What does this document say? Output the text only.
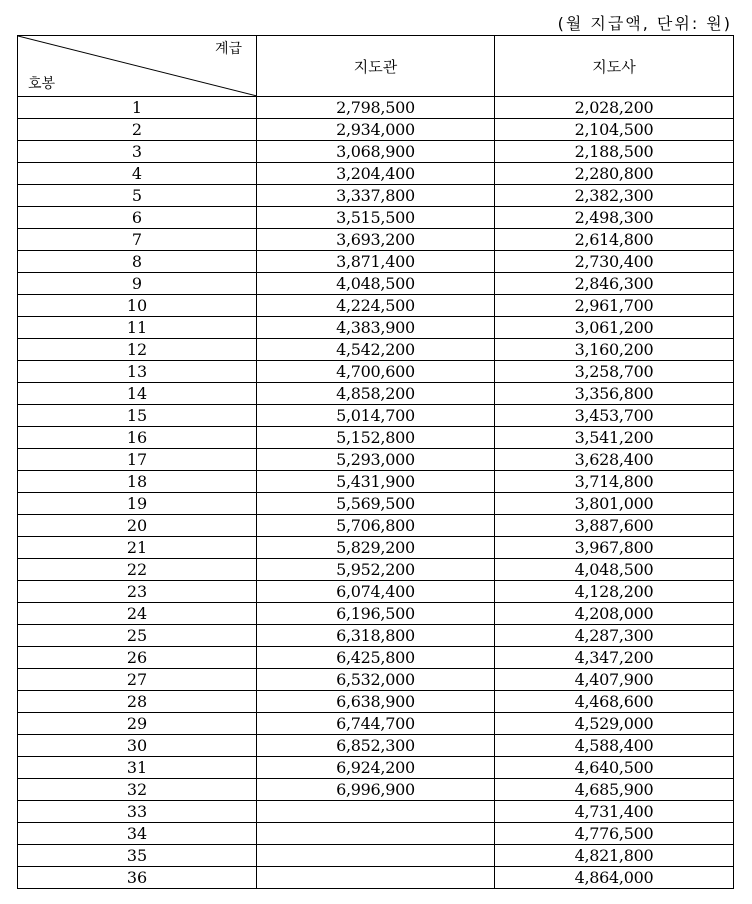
(월 지급액, 단위: 원)
계급
호봉	지도관	지도사
1	2,798,500	2,028,200
2	2,934,000	2,104,500
3	3,068,900	2,188,500
4	3,204,400	2,280,800
5	3,337,800	2,382,300
6	3,515,500	2,498,300
7	3,693,200	2,614,800
8	3,871,400	2,730,400
9	4,048,500	2,846,300
10	4,224,500	2,961,700
11	4,383,900	3,061,200
12	4,542,200	3,160,200
13	4,700,600	3,258,700
14	4,858,200	3,356,800
15	5,014,700	3,453,700
16	5,152,800	3,541,200
17	5,293,000	3,628,400
18	5,431,900	3,714,800
19	5,569,500	3,801,000
20	5,706,800	3,887,600
21	5,829,200	3,967,800
22	5,952,200	4,048,500
23	6,074,400	4,128,200
24	6,196,500	4,208,000
25	6,318,800	4,287,300
26	6,425,800	4,347,200
27	6,532,000	4,407,900
28	6,638,900	4,468,600
29	6,744,700	4,529,000
30	6,852,300	4,588,400
31	6,924,200	4,640,500
32	6,996,900	4,685,900
33		4,731,400
34		4,776,500
35		4,821,800
36		4,864,000
